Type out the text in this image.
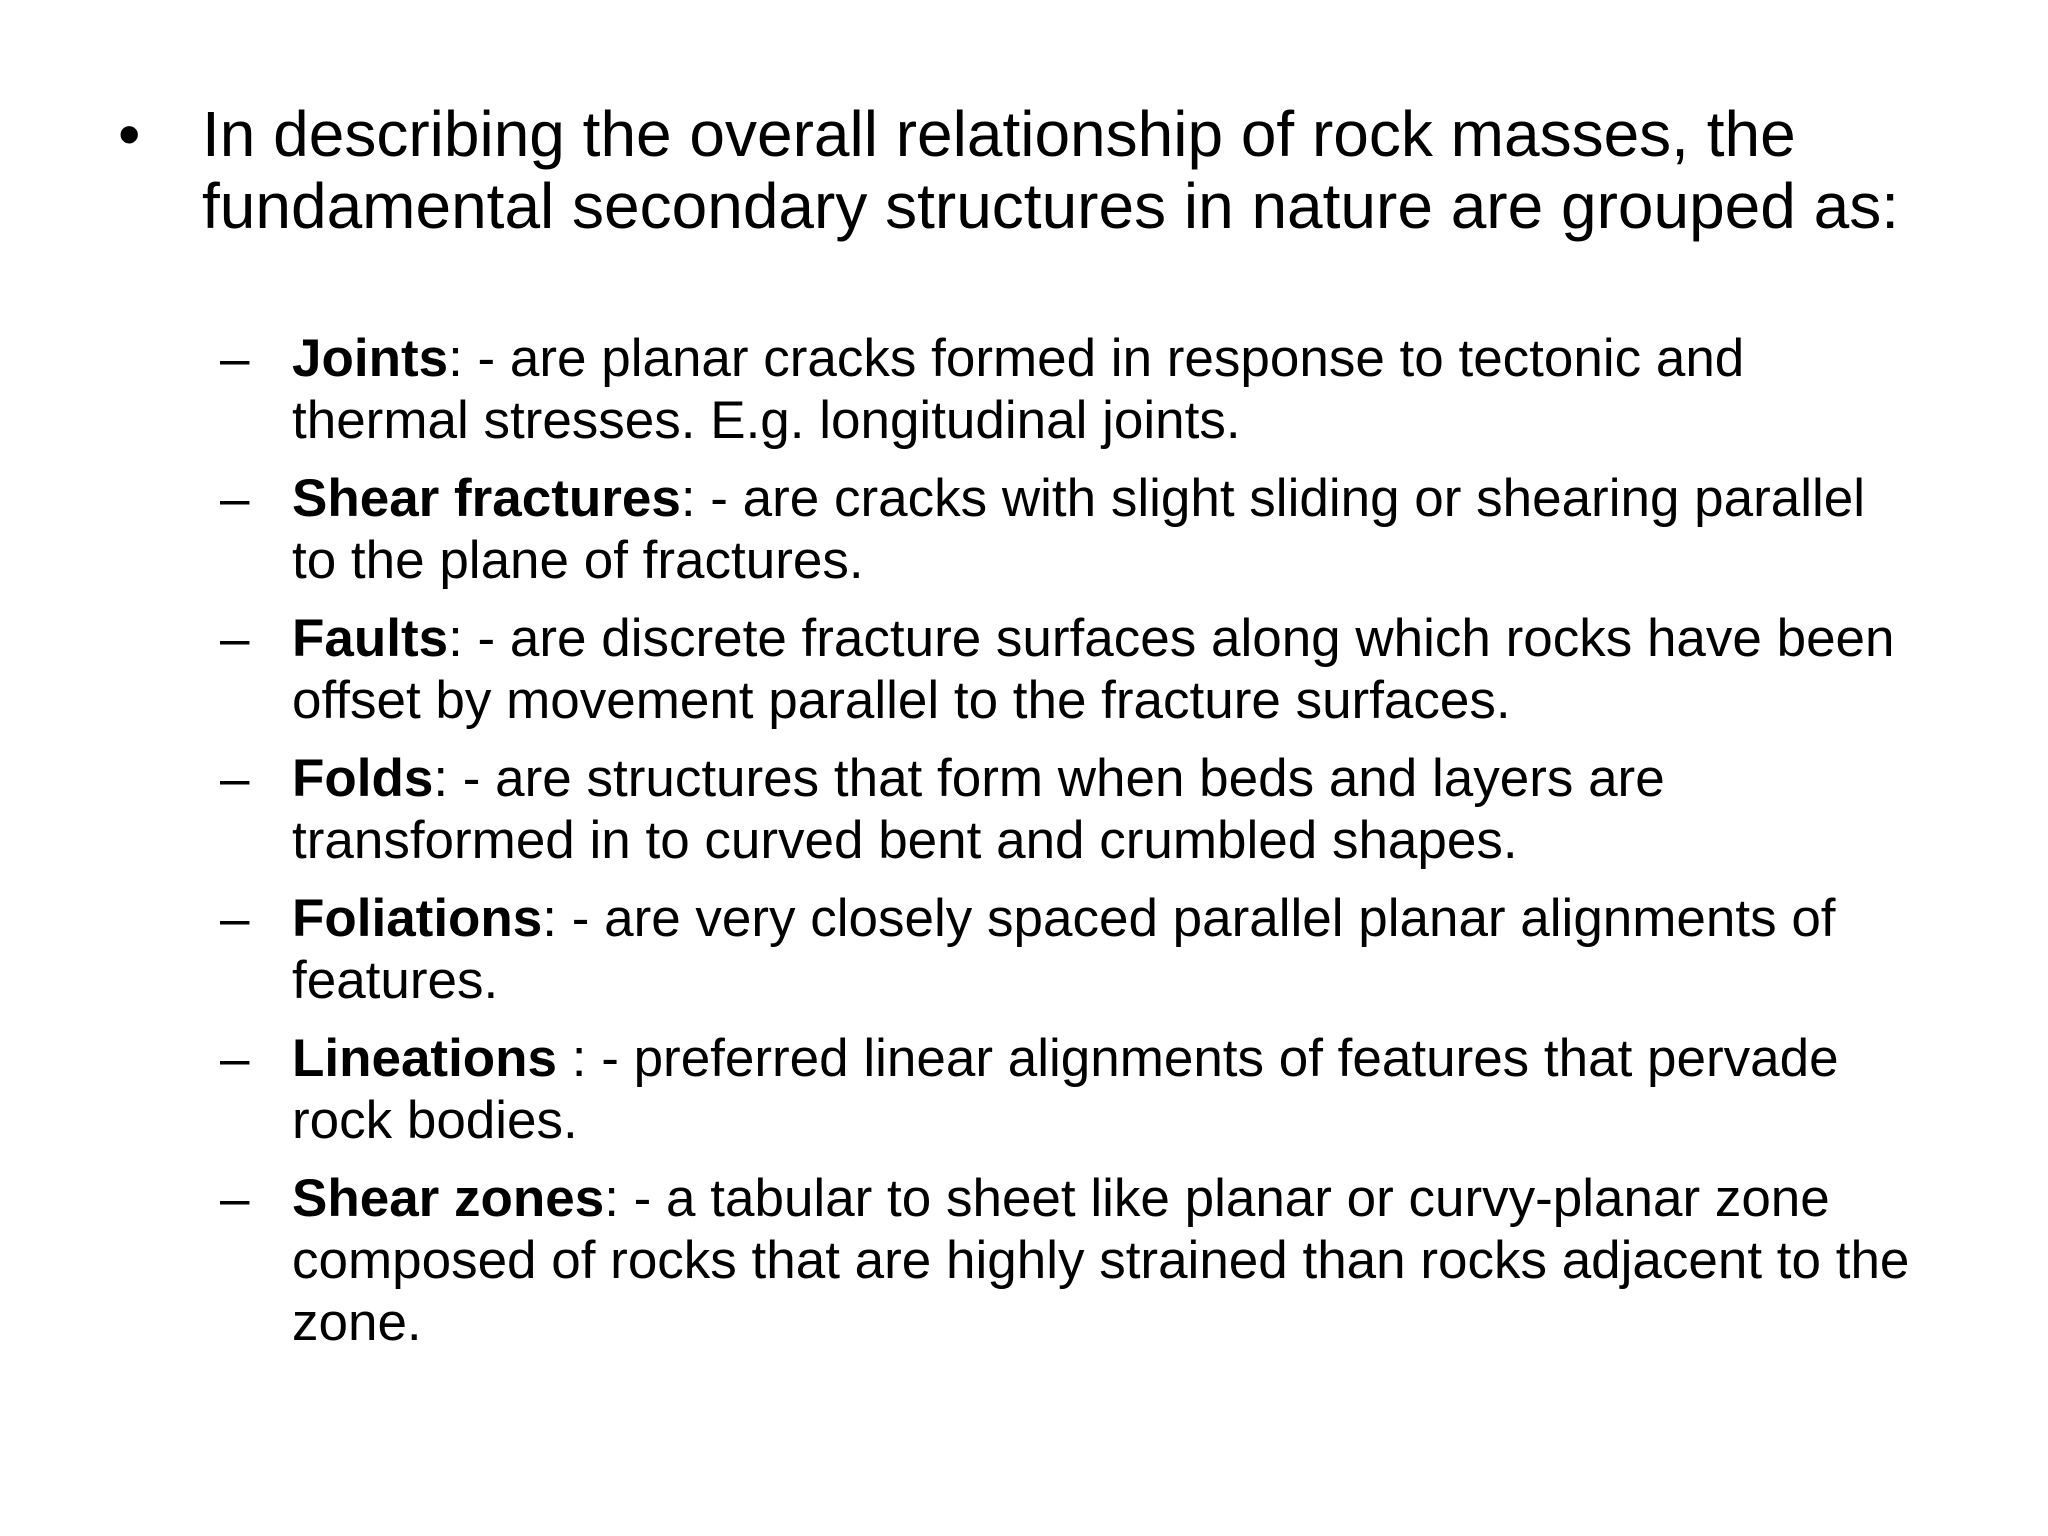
• In describing the overall relationship of rock masses, the fundamental secondary structures in nature are grouped as:
– Joints: - are planar cracks formed in response to tectonic and thermal stresses. E.g. longitudinal joints.
– Shear fractures: - are cracks with slight sliding or shearing parallel to the plane of fractures.
– Faults: - are discrete fracture surfaces along which rocks have been offset by movement parallel to the fracture surfaces.
– Folds: - are structures that form when beds and layers are transformed in to curved bent and crumbled shapes.
– Foliations: - are very closely spaced parallel planar alignments of features.
– Lineations : - preferred linear alignments of features that pervade rock bodies.
– Shear zones: - a tabular to sheet like planar or curvy-planar zone composed of rocks that are highly strained than rocks adjacent to the zone.
